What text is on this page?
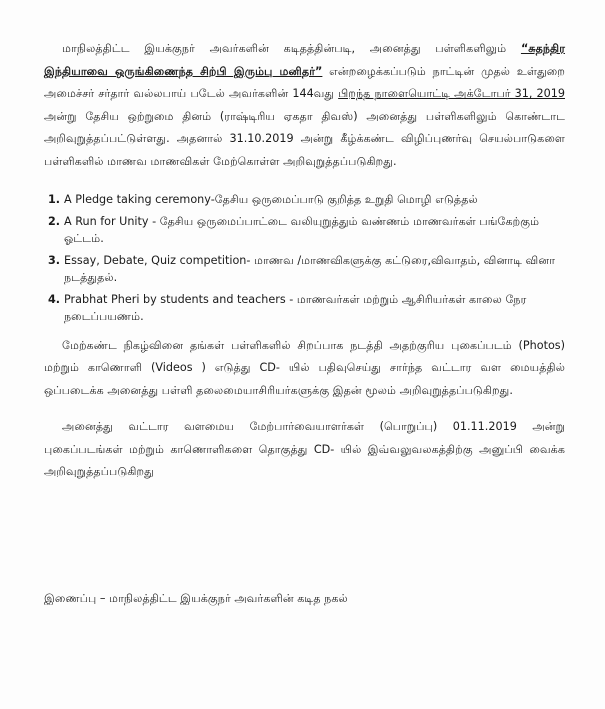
மாநிலத்திட்ட இயக்குநர் அவர்களின் கடிதத்தின்படி, அனைத்து பள்ளிகளிலும் “சுதந்திர இந்தியாவை ஒருங்கிணைந்த சிற்பி இரும்பு மனிதர்” என்றழைக்கப்படும் நாட்டின் முதல் உள்துறை அமைச்சர் சர்தார் வல்லபாய் படேல் அவர்களின் 144வது பிறந்த நாளையொட்டி அக்டோபர் 31, 2019 அன்று தேசிய ஒற்றுமை தினம் (ராஷ்டிரிய ஏகதா திவஸ்) அனைத்து பள்ளிகளிலும் கொண்டாட அறிவுறுத்தப்பட்டுள்ளது. அதனால் 31.10.2019 அன்று கீழ்க்கண்ட விழிப்புணர்வு செயல்பாடுகளை பள்ளிகளில் மாணவ மாணவிகள் மேற்கொள்ள அறிவுறுத்தப்படுகிறது.

1. A Pledge taking ceremony-தேசிய ஒருமைப்பாடு குறித்த உறுதி மொழி எடுத்தல்
2. A Run for Unity - தேசிய ஒருமைப்பாட்டை வலியுறுத்தும் வண்ணம் மாணவர்கள் பங்கேற்கும் ஓட்டம்.
3. Essay, Debate, Quiz competition- மாணவ /மாணவிகளுக்கு கட்டுரை,விவாதம், வினாடி வினா நடத்துதல்.
4. Prabhat Pheri by students and teachers - மாணவர்கள் மற்றும் ஆசிரியர்கள் காலை நேர நடைப்பயணம்.

மேற்கண்ட நிகழ்வினை தங்கள் பள்ளிகளில் சிறப்பாக நடத்தி அதற்குரிய புகைப்படம் (Photos) மற்றும் காணொளி (Videos ) எடுத்து CD- யில் பதிவுசெய்து சார்ந்த வட்டார வள மையத்தில் ஒப்படைக்க அனைத்து பள்ளி தலைமையாசிரியர்களுக்கு இதன் மூலம் அறிவுறுத்தப்படுகிறது.

அனைத்து வட்டார வளமைய மேற்பார்வையாளர்கள் (பொறுப்பு) 01.11.2019 அன்று புகைப்படங்கள் மற்றும் காணொளிகளை தொகுத்து CD- யில் இவ்வலுவலகத்திற்கு அனுப்பி வைக்க அறிவுறுத்தப்படுகிறது

இணைப்பு – மாநிலத்திட்ட இயக்குநர் அவர்களின் கடித நகல்
